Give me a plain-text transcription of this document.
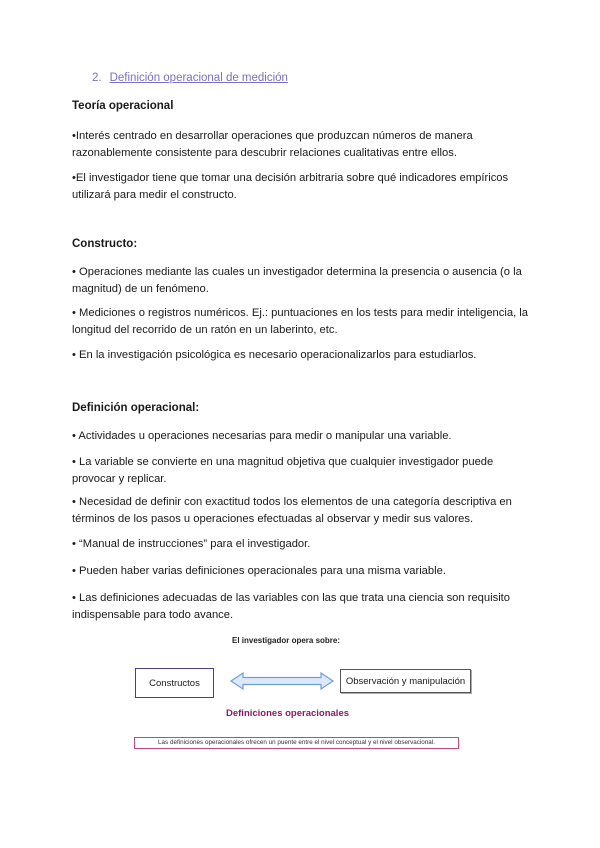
2. Definición operacional de medición
Teoría operacional
•Interés centrado en desarrollar operaciones que produzcan números de manera razonablemente consistente para descubrir relaciones cualitativas entre ellos.
•El investigador tiene que tomar una decisión arbitraria sobre qué indicadores empíricos utilizará para medir el constructo.
Constructo:
• Operaciones mediante las cuales un investigador determina la presencia o ausencia (o la magnitud) de un fenómeno.
• Mediciones o registros numéricos. Ej.: puntuaciones en los tests para medir inteligencia, la longitud del recorrido de un ratón en un laberinto, etc.
• En la investigación psicológica es necesario operacionalizarlos para estudiarlos.
Definición operacional:
• Actividades u operaciones necesarias para medir o manipular una variable.
• La variable se convierte en una magnitud objetiva que cualquier investigador puede provocar y replicar.
• Necesidad de definir con exactitud todos los elementos de una categoría descriptiva en términos de los pasos u operaciones efectuadas al observar y medir sus valores.
• “Manual de instrucciones” para el investigador.
• Pueden haber varias definiciones operacionales para una misma variable.
• Las definiciones adecuadas de las variables con las que trata una ciencia son requisito indispensable para todo avance.
El investigador opera sobre:
Constructos	Observación y manipulación
Definiciones operacionales
Las definiciones operacionales ofrecen un puente entre el nivel conceptual y el nivel observacional.
